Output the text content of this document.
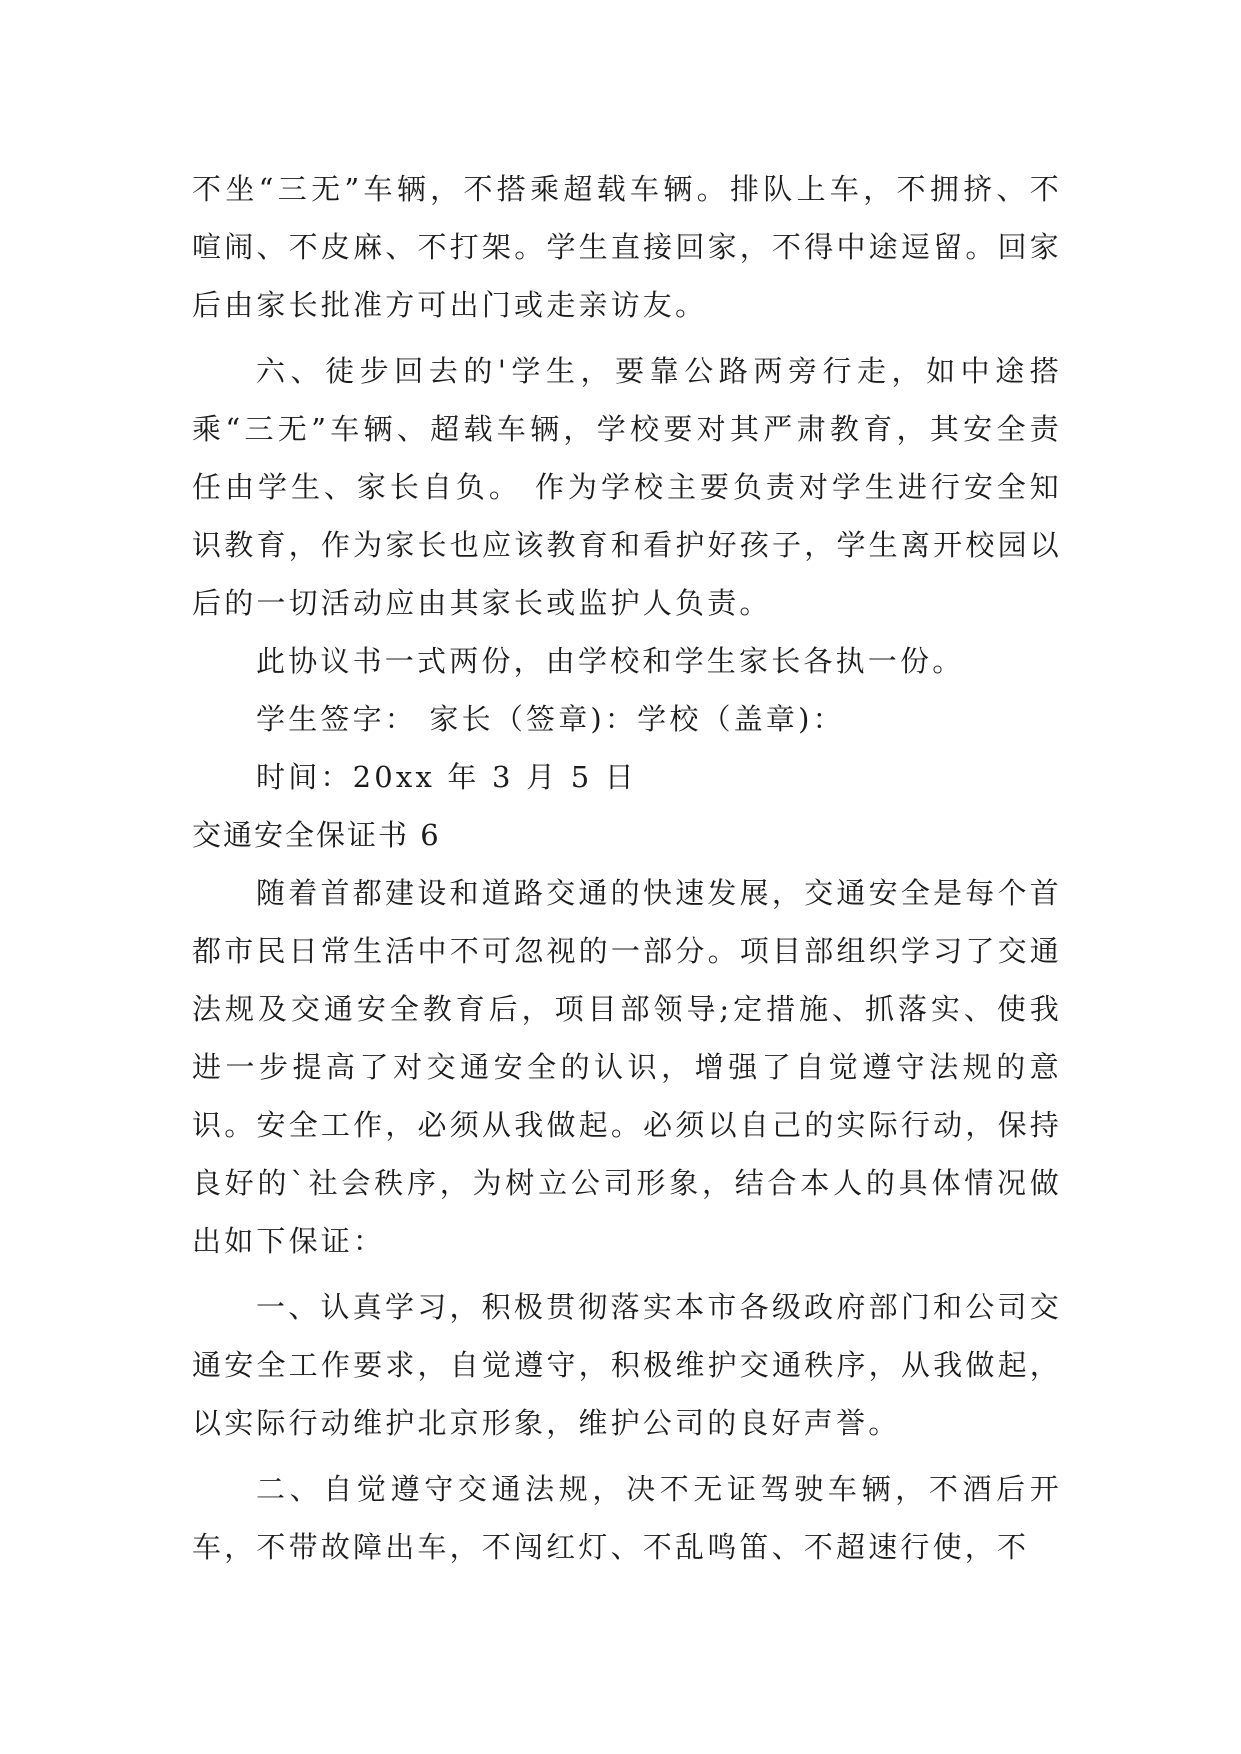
不坐“三无”车辆，不搭乘超载车辆。排队上车，不拥挤、不喧闹、不皮麻、不打架。学生直接回家，不得中途逗留。回家后由家长批准方可出门或走亲访友。

六、徒步回去的'学生，要靠公路两旁行走，如中途搭乘“三无”车辆、超载车辆，学校要对其严肃教育，其安全责任由学生、家长自负。 作为学校主要负责对学生进行安全知识教育，作为家长也应该教育和看护好孩子，学生离开校园以后的一切活动应由其家长或监护人负责。

此协议书一式两份，由学校和学生家长各执一份。

学生签字： 家长（签章)：学校（盖章)：

时间：20xx 年 3 月 5 日

交通安全保证书 6

随着首都建设和道路交通的快速发展，交通安全是每个首都市民日常生活中不可忽视的一部分。项目部组织学习了交通法规及交通安全教育后，项目部领导;定措施、抓落实、使我进一步提高了对交通安全的认识，增强了自觉遵守法规的意识。安全工作，必须从我做起。必须以自己的实际行动，保持良好的`社会秩序，为树立公司形象，结合本人的具体情况做出如下保证：

一、认真学习，积极贯彻落实本市各级政府部门和公司交通安全工作要求，自觉遵守，积极维护交通秩序，从我做起，以实际行动维护北京形象，维护公司的良好声誉。

二、自觉遵守交通法规，决不无证驾驶车辆，不酒后开车，不带故障出车，不闯红灯、不乱鸣笛、不超速行使，不
